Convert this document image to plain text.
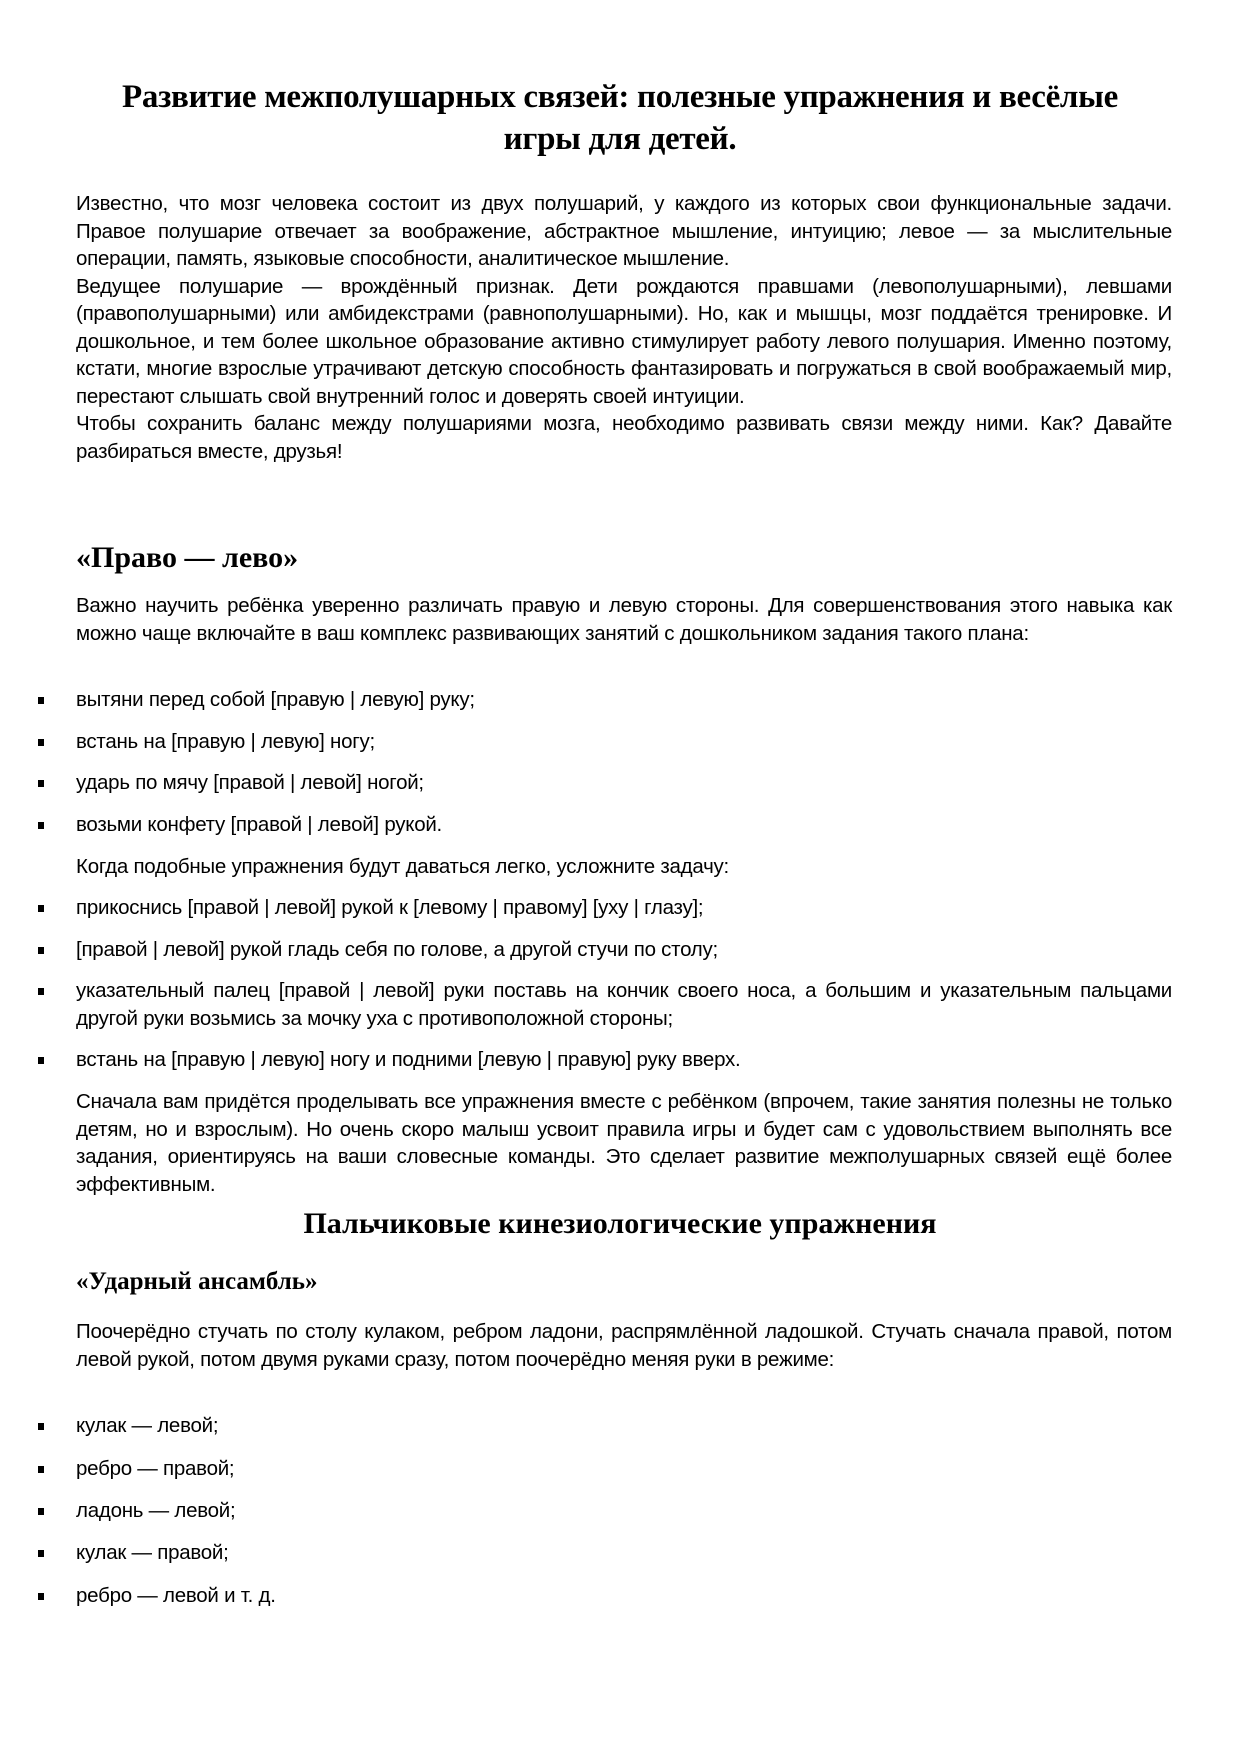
Развитие межполушарных связей: полезные упражнения и весёлые игры для детей.

Известно, что мозг человека состоит из двух полушарий, у каждого из которых свои функциональные задачи. Правое полушарие отвечает за воображение, абстрактное мышление, интуицию; левое — за мыслительные операции, память, языковые способности, аналитическое мышление.

Ведущее полушарие — врождённый признак. Дети рождаются правшами (левополушарными), левшами (правополушарными) или амбидекстрами (равнополушарными). Но, как и мышцы, мозг поддаётся тренировке. И дошкольное, и тем более школьное образование активно стимулирует работу левого полушария. Именно поэтому, кстати, многие взрослые утрачивают детскую способность фантазировать и погружаться в свой воображаемый мир, перестают слышать свой внутренний голос и доверять своей интуиции.

Чтобы сохранить баланс между полушариями мозга, необходимо развивать связи между ними. Как? Давайте разбираться вместе, друзья!

«Право — лево»

Важно научить ребёнка уверенно различать правую и левую стороны. Для совершенствования этого навыка как можно чаще включайте в ваш комплекс развивающих занятий с дошкольником задания такого плана:

вытяни перед собой [правую | левую] руку;
встань на [правую | левую] ногу;
ударь по мячу [правой | левой] ногой;
возьми конфету [правой | левой] рукой.

Когда подобные упражнения будут даваться легко, усложните задачу:

прикоснись [правой | левой] рукой к [левому | правому] [уху | глазу];
[правой | левой] рукой гладь себя по голове, а другой стучи по столу;
указательный палец [правой | левой] руки поставь на кончик своего носа, а большим и указательным пальцами другой руки возьмись за мочку уха с противоположной стороны;
встань на [правую | левую] ногу и подними [левую | правую] руку вверх.

Сначала вам придётся проделывать все упражнения вместе с ребёнком (впрочем, такие занятия полезны не только детям, но и взрослым). Но очень скоро малыш усвоит правила игры и будет сам с удовольствием выполнять все задания, ориентируясь на ваши словесные команды. Это сделает развитие межполушарных связей ещё более эффективным.

Пальчиковые кинезиологические упражнения
«Ударный ансамбль»

Поочерёдно стучать по столу кулаком, ребром ладони, распрямлённой ладошкой. Стучать сначала правой, потом левой рукой, потом двумя руками сразу, потом поочерёдно меняя руки в режиме:

кулак — левой;
ребро — правой;
ладонь — левой;
кулак — правой;
ребро — левой и т. д.
